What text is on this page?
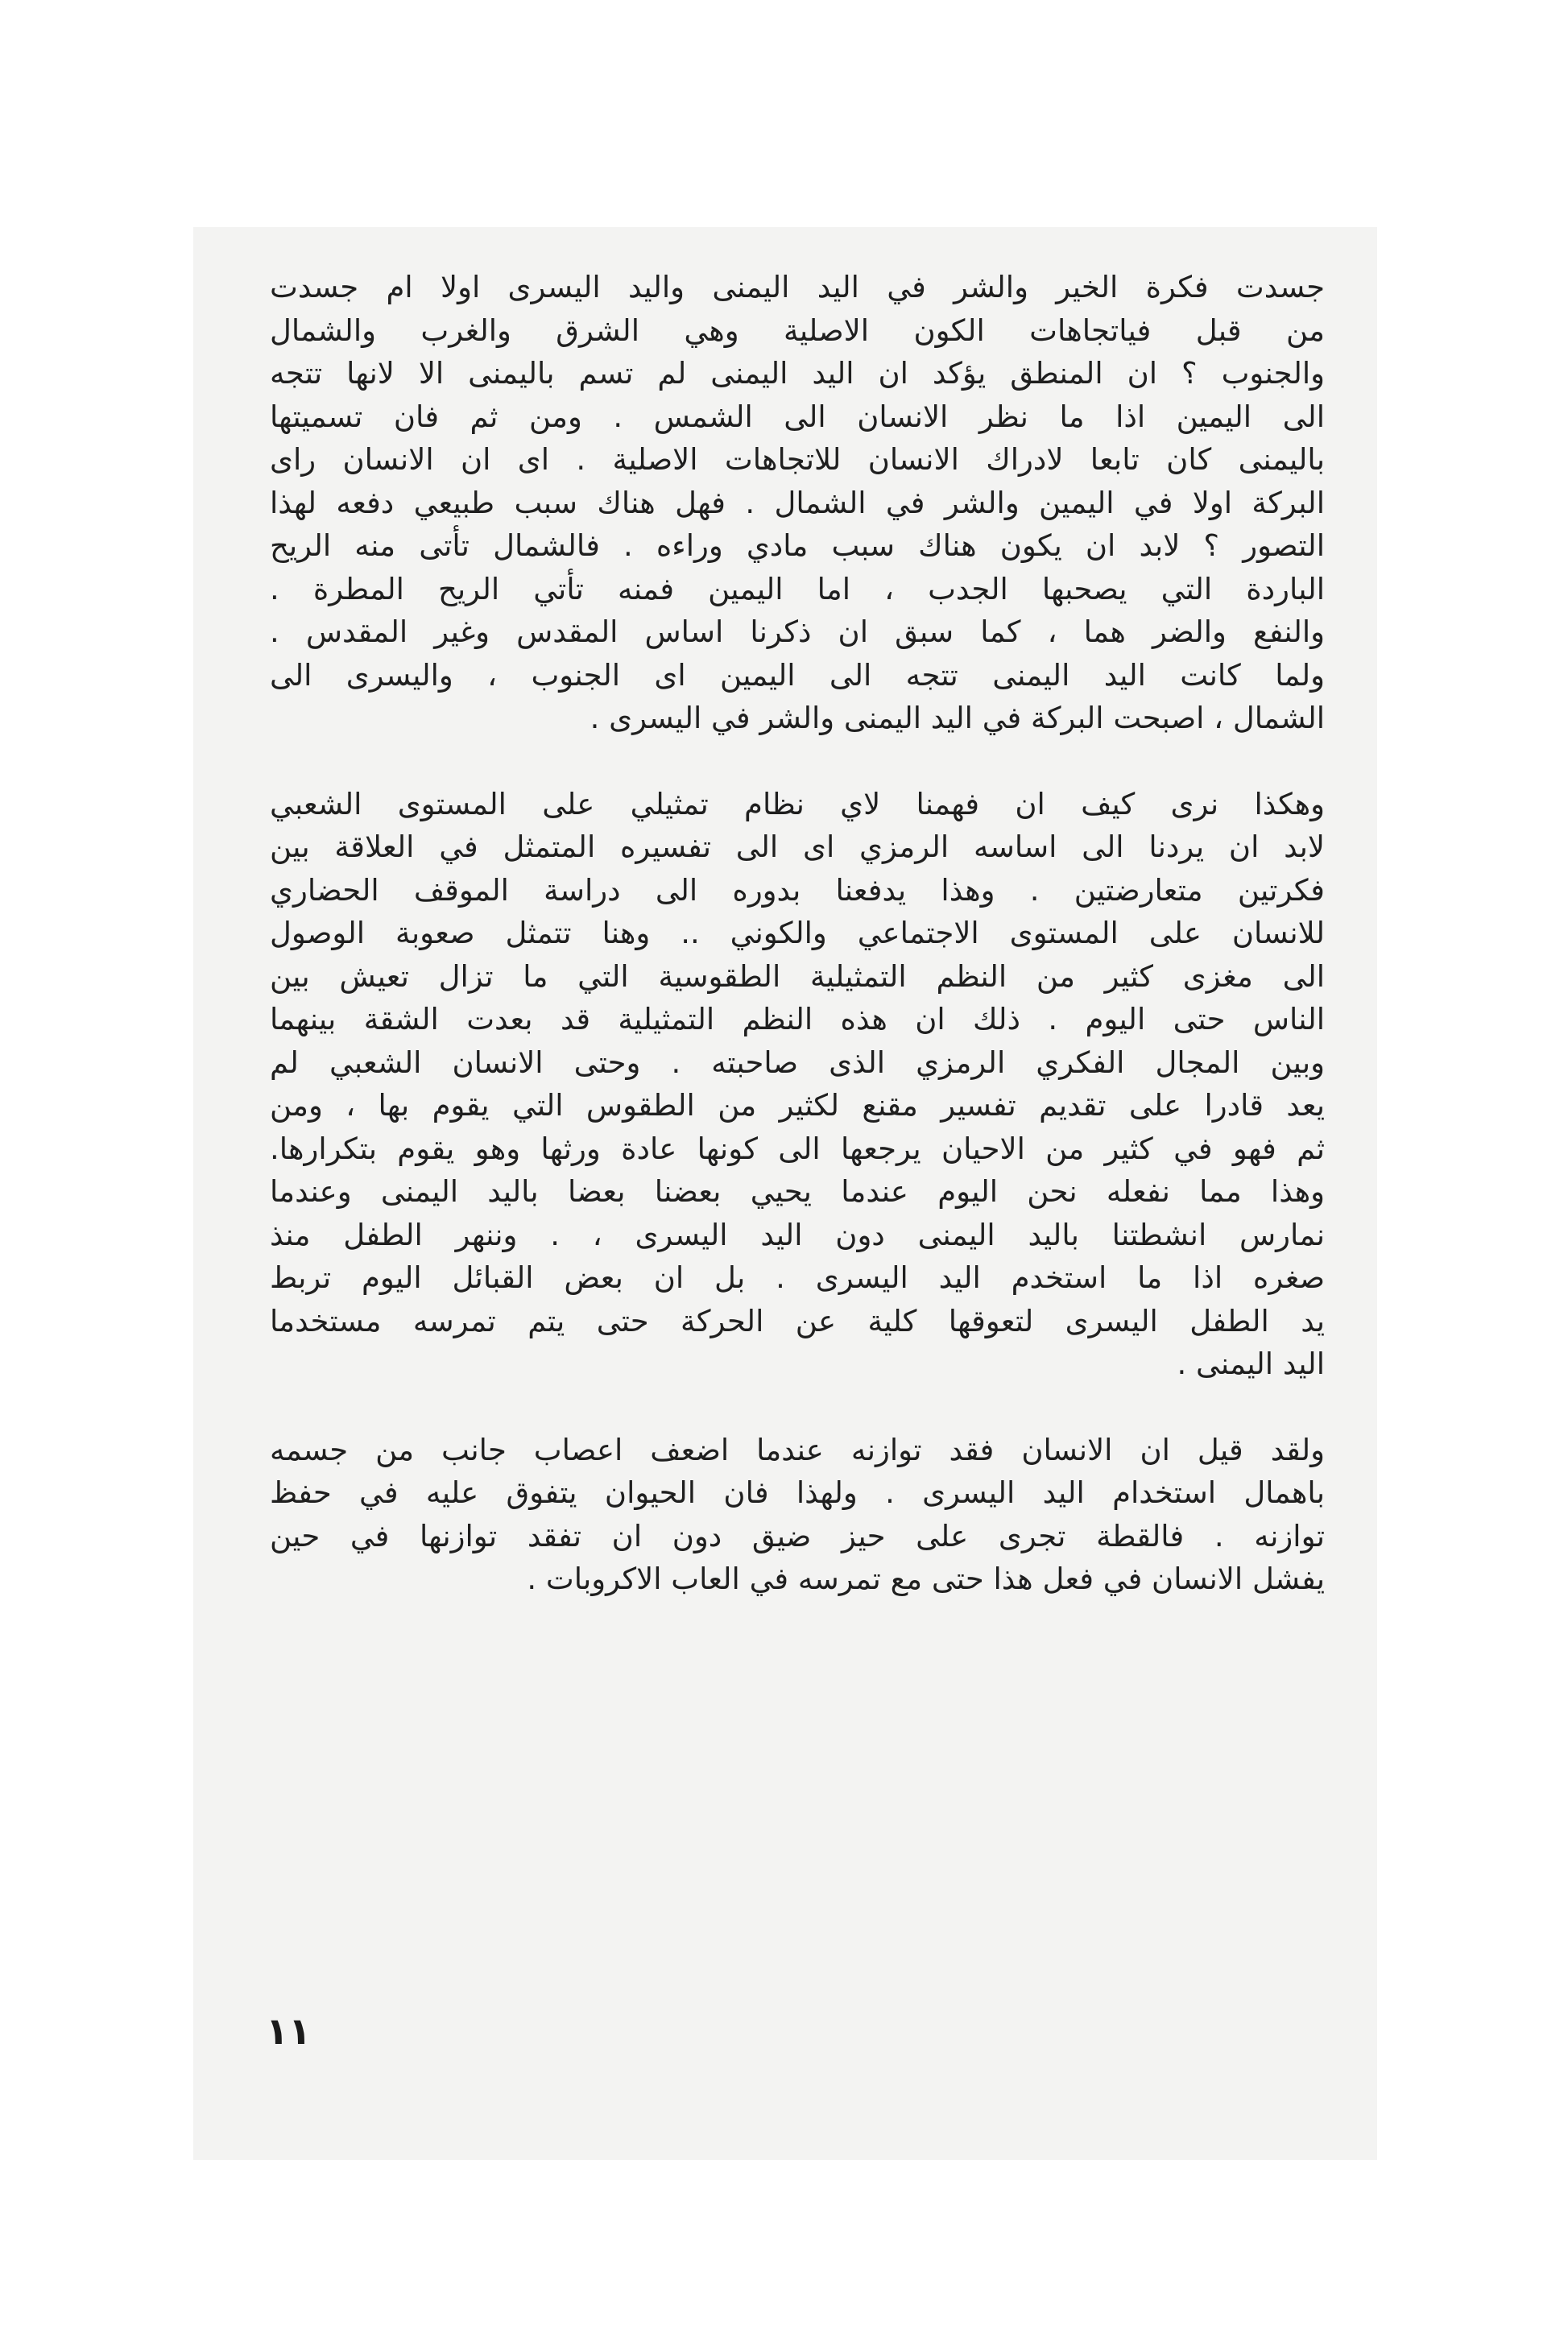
جسدت فكرة الخير والشر في اليد اليمنى واليد اليسرى اولا ام جسدت
من قبل فياتجاهات الكون الاصلية وهي الشرق والغرب والشمال
والجنوب ؟ ان المنطق يؤكد ان اليد اليمنى لم تسم باليمنى الا لانها تتجه
الى اليمين اذا ما نظر الانسان الى الشمس . ومن ثم فان تسميتها
باليمنى كان تابعا لادراك الانسان للاتجاهات الاصلية . اى ان الانسان راى
البركة اولا في اليمين والشر في الشمال . فهل هناك سبب طبيعي دفعه لهذا
التصور ؟ لابد ان يكون هناك سبب مادي وراءه . فالشمال تأتى منه الريح
الباردة التي يصحبها الجدب ، اما اليمين فمنه تأتي الريح المطرة .
والنفع والضر هما ، كما سبق ان ذكرنا اساس المقدس وغير المقدس .
ولما كانت اليد اليمنى تتجه الى اليمين اى الجنوب ، واليسرى الى
الشمال ، اصبحت البركة في اليد اليمنى والشر في اليسرى .
وهكذا نرى كيف ان فهمنا لاي نظام تمثيلي على المستوى الشعبي
لابد ان يردنا الى اساسه الرمزي اى الى تفسيره المتمثل في العلاقة بين
فكرتين متعارضتين . وهذا يدفعنا بدوره الى دراسة الموقف الحضاري
للانسان على المستوى الاجتماعي والكوني .. وهنا تتمثل صعوبة الوصول
الى مغزى كثير من النظم التمثيلية الطقوسية التي ما تزال تعيش بين
الناس حتى اليوم . ذلك ان هذه النظم التمثيلية قد بعدت الشقة بينهما
وبين المجال الفكري الرمزي الذى صاحبته . وحتى الانسان الشعبي لم
يعد قادرا على تقديم تفسير مقنع لكثير من الطقوس التي يقوم بها ، ومن
ثم فهو في كثير من الاحيان يرجعها الى كونها عادة ورثها وهو يقوم بتكرارها.
وهذا مما نفعله نحن اليوم عندما يحيي بعضنا بعضا باليد اليمنى وعندما
نمارس انشطتنا باليد اليمنى دون اليد اليسرى ، . وننهر الطفل منذ
صغره اذا ما استخدم اليد اليسرى . بل ان بعض القبائل اليوم تربط
يد الطفل اليسرى لتعوقها كلية عن الحركة حتى يتم تمرسه مستخدما
اليد اليمنى .
ولقد قيل ان الانسان فقد توازنه عندما اضعف اعصاب جانب من جسمه
باهمال استخدام اليد اليسرى . ولهذا فان الحيوان يتفوق عليه في حفظ
توازنه . فالقطة تجرى على حيز ضيق دون ان تفقد توازنها في حين
يفشل الانسان في فعل هذا حتى مع تمرسه في العاب الاكروبات .
١١
